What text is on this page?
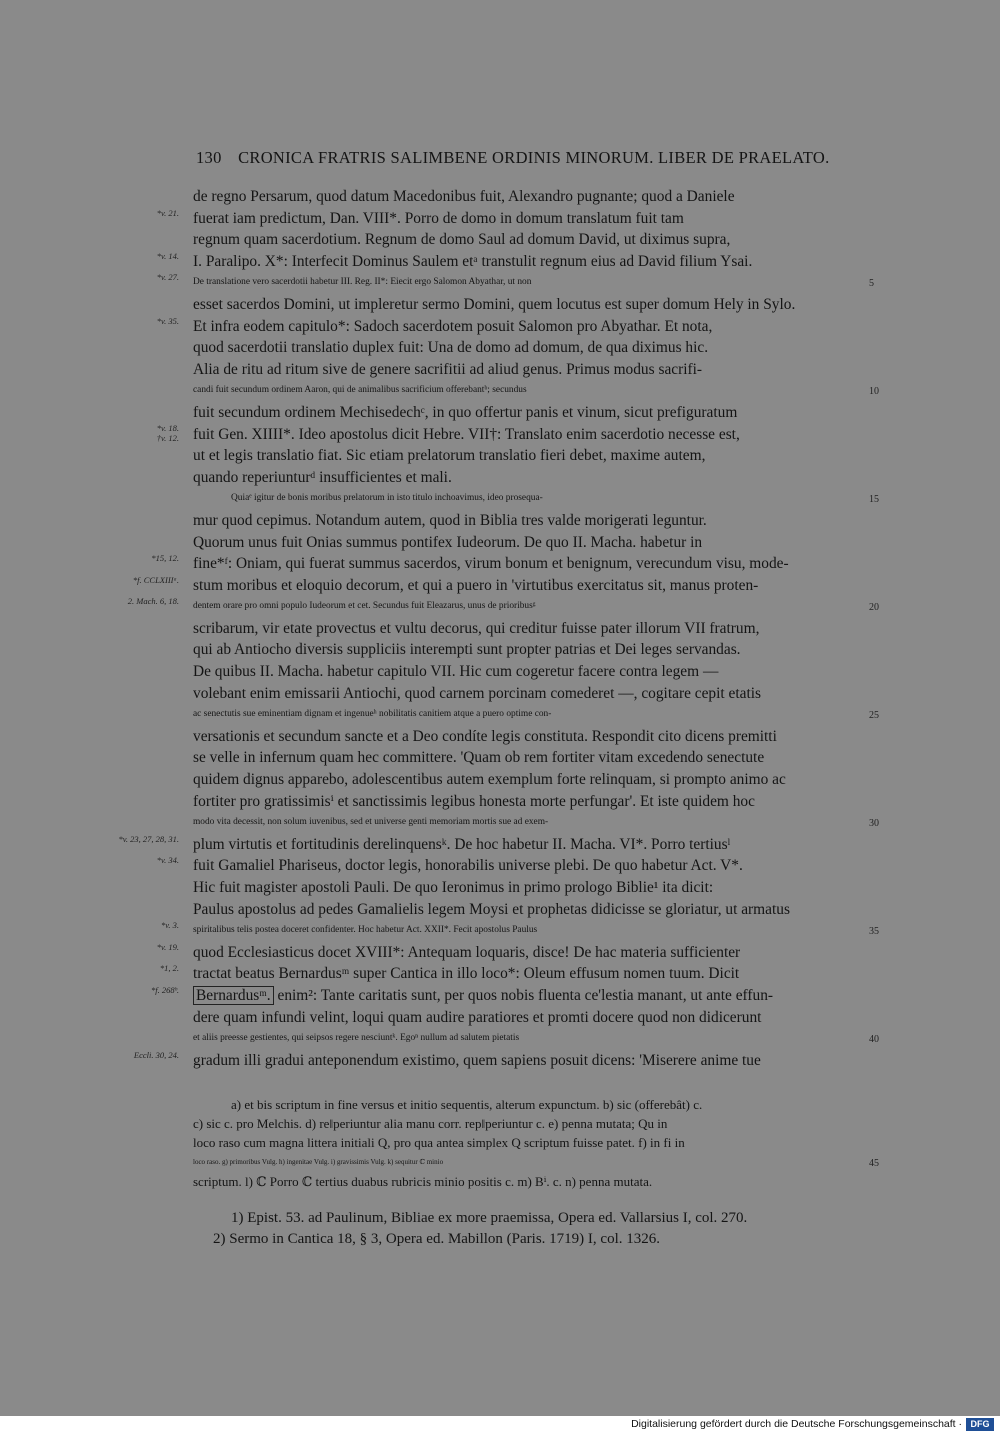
130 CRONICA FRATRIS SALIMBENE ORDINIS MINORUM. LIBER DE PRAELATO.
de regno Persarum, quod datum Macedonibus fuit, Alexandro pugnante; quod a Daniele
*v. 21. fuerat iam predictum, Dan. VIII*. Porro de domo in domum translatum fuit tam
regnum quam sacerdotium. Regnum de domo Saul ad domum David, ut diximus supra,
*v. 14. I. Paralipo. X*: Interfecit Dominus Saulem etᵃ transtulit regnum eius ad David filium Ysai.
*v. 27. De translatione vero sacerdotii habetur III. Reg. II*: Eiecit ergo Salomon Abyathar, ut non	5
esset sacerdos Domini, ut impleretur sermo Domini, quem locutus est super domum Hely in Sylo.
*v. 35. Et infra eodem capitulo*: Sadoch sacerdotem posuit Salomon pro Abyathar. Et nota,
quod sacerdotii translatio duplex fuit: Una de domo ad domum, de qua diximus hic.
Alia de ritu ad ritum sive de genere sacrifitii ad aliud genus. Primus modus sacrifi-
candi fuit secundum ordinem Aaron, qui de animalibus sacrificium offerebantᵇ; secundus	10
fuit secundum ordinem Mechisedechᶜ, in quo offertur panis et vinum, sicut prefiguratum
*v. 18.
†v. 12. fuit Gen. XIIII*. Ideo apostolus dicit Hebre. VII†: Translato enim sacerdotio necesse est,
ut et legis translatio fiat. Sic etiam prelatorum translatio fieri debet, maxime autem,
quando reperiunturᵈ insufficientes et mali.
Quiaᵉ igitur de bonis moribus prelatorum in isto titulo inchoavimus, ideo prosequa-	15
mur quod cepimus. Notandum autem, quod in Biblia tres valde morigerati leguntur.
Quorum unus fuit Onias summus pontifex Iudeorum. De quo II. Macha. habetur in
*15, 12. fine*ᶠ: Oniam, qui fuerat summus sacerdos, virum bonum et benignum, verecundum visu, mode-
*f. CCLXIIIᵃ. stum moribus et eloquio decorum, et qui a puero in 'virtutibus exercitatus sit, manus proten-
2. Mach. 6, 18. dentem orare pro omni populo Iudeorum et cet. Secundus fuit Eleazarus, unus de prioribusᵍ	20
scribarum, vir etate provectus et vultu decorus, qui creditur fuisse pater illorum VII fratrum,
qui ab Antiocho diversis suppliciis interempti sunt propter patrias et Dei leges servandas.
De quibus II. Macha. habetur capitulo VII. Hic cum cogeretur facere contra legem —
volebant enim emissarii Antiochi, quod carnem porcinam comederet —, cogitare cepit etatis
ac senectutis sue eminentiam dignam et ingenueʰ nobilitatis canitiem atque a puero optime con-	25
versationis et secundum sancte et a Deo condíte legis constituta. Respondit cito dicens premitti
se velle in infernum quam hec committere. 'Quam ob rem fortiter vitam excedendo senectute
quidem dignus apparebo, adolescentibus autem exemplum forte relinquam, si prompto animo ac
fortiter pro gratissimisⁱ et sanctissimis legibus honesta morte perfungar'. Et iste quidem hoc
modo vita decessit, non solum iuvenibus, sed et universe genti memoriam mortis sue ad exem-	30
*v. 23, 27, 28, 31. plum virtutis et fortitudinis derelinquensᵏ. De hoc habetur II. Macha. VI*. Porro tertiusˡ
*v. 34. fuit Gamaliel Phariseus, doctor legis, honorabilis universe plebi. De quo habetur Act. V*.
Hic fuit magister apostoli Pauli. De quo Ieronimus in primo prologo Biblie¹ ita dicit:
Paulus apostolus ad pedes Gamalielis legem Moysi et prophetas didicisse se gloriatur, ut armatus
*v. 3. spiritalibus telis postea doceret confidenter. Hoc habetur Act. XXII*. Fecit apostolus Paulus	35
*v. 19. quod Ecclesiasticus docet XVIII*: Antequam loquaris, disce! De hac materia sufficienter
*1, 2. tractat beatus Bernardusᵐ super Cantica in illo loco*: Oleum effusum nomen tuum. Dicit
*f. 268ᵇ. Bernardusᵐ. enim²: Tante caritatis sunt, per quos nobis fluenta ce'lestia manant, ut ante effun-
dere quam infundi velint, loqui quam audire paratiores et promti docere quod non didicerunt
et aliis preesse gestientes, qui seipsos regere nesciuntᵏ. Egoⁿ nullum ad salutem pietatis	40
Eccli. 30, 24. gradum illi gradui anteponendum existimo, quem sapiens posuit dicens: 'Miserere anime tue
a) et bis scriptum in fine versus et initio sequentis, alterum expunctum. b) sic (offerebât) c.
c) sic c. pro Melchis. d) re‖periuntur alia manu corr. rep‖periuntur c. e) penna mutata; Qu in
loco raso cum magna littera initiali Q, pro qua antea simplex Q scriptum fuisse patet. f) in fi in
loco raso. g) primoribus Vulg. h) ingenitae Vulg. i) gravissimis Vulg. k) sequitur ℂ minio	45
scriptum. l) ℂ Porro ℂ tertius duabus rubricis minio positis c. m) Bⁱ. c. n) penna mutata.
1) Epist. 53. ad Paulinum, Bibliae ex more praemissa, Opera ed. Vallarsius I, col. 270.
2) Sermo in Cantica 18, § 3, Opera ed. Mabillon (Paris. 1719) I, col. 1326.
Digitalisierung gefördert durch die Deutsche Forschungsgemeinschaft · DFG
